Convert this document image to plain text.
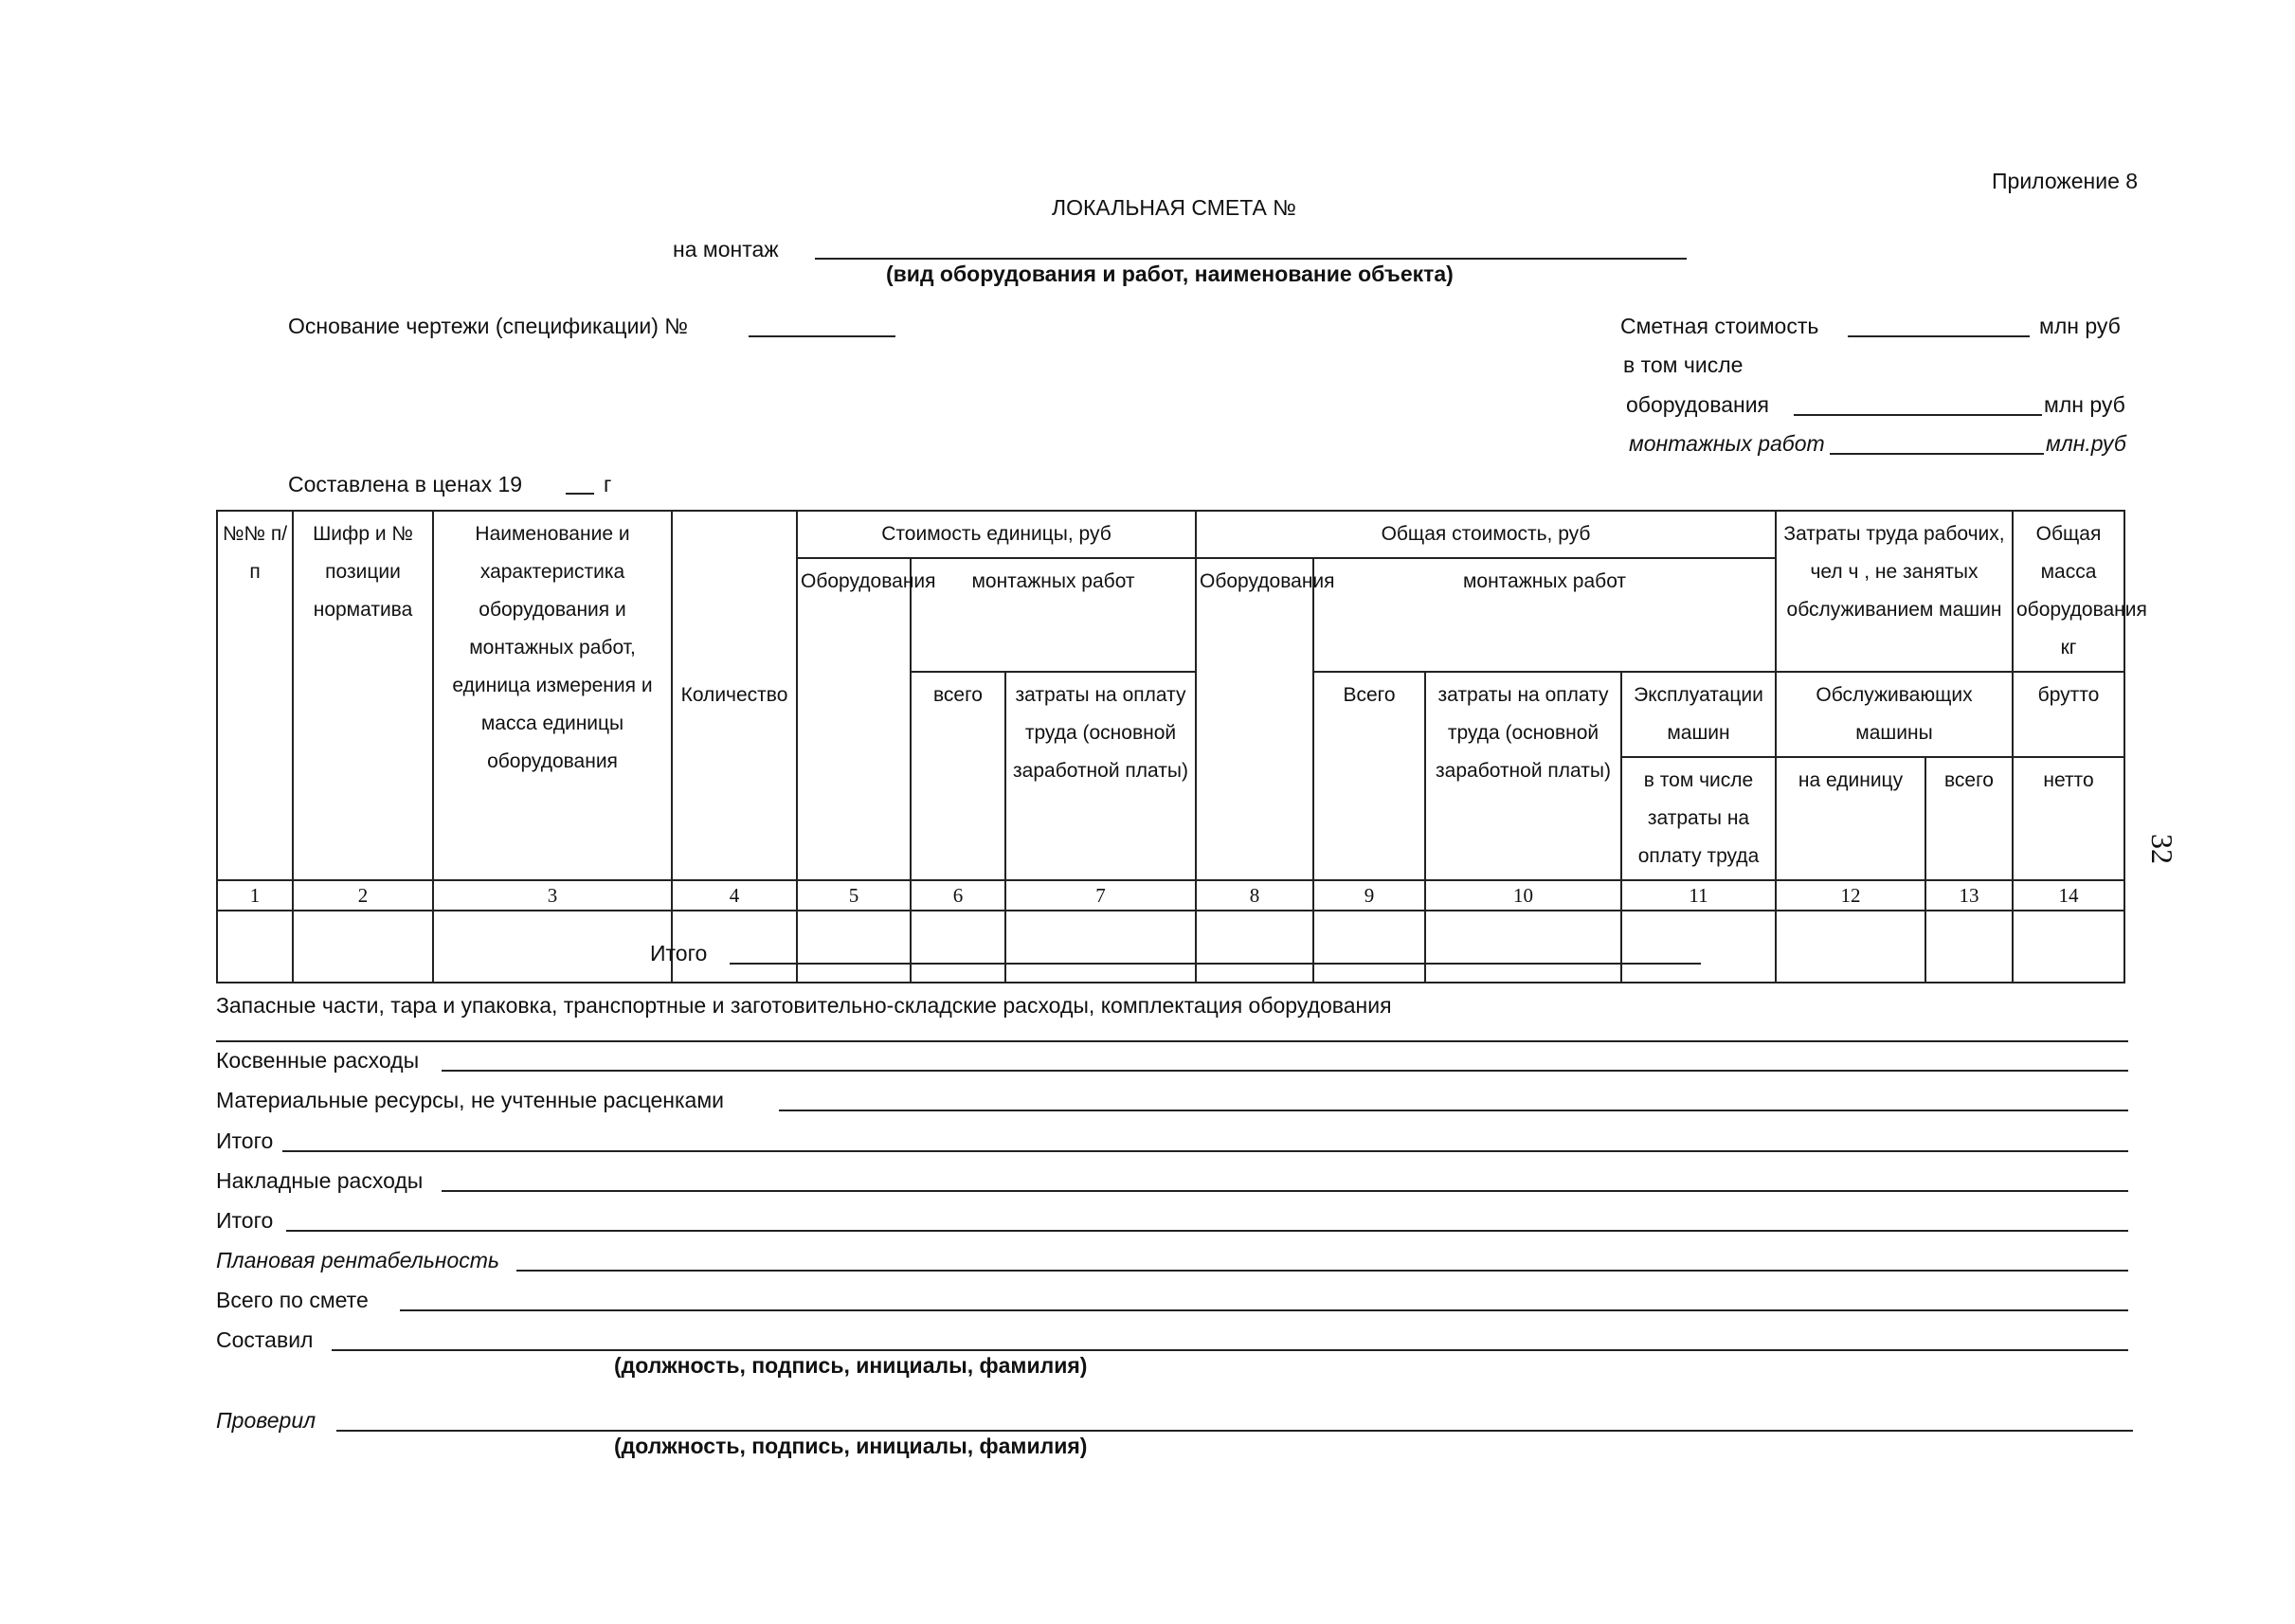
Приложение 8
ЛОКАЛЬНАЯ СМЕТА №
на монтаж
(вид оборудования и работ, наименование объекта)
Основание чертежи (спецификации) №	Сметная стоимость	млн руб
в том числе
оборудования	млн руб
монтажных работ	млн.руб
Составлена в ценах 19	г
№№ п/п	Шифр и № позиции норматива	Наименование и характеристика оборудования и монтажных работ, единица измерения и масса единицы оборудования	Количество	Стоимость единицы, руб			Общая стоимость, руб				Затраты труда рабочих, чел ч , не занятых обслуживанием машин		Общая масса оборудования кг
				Оборудования	монтажных работ		Оборудования	монтажных работ					
					всего	затраты на оплату труда (основной заработной платы)		Всего	затраты на оплату труда (основной заработной платы)	Эксплуатации машин	Обслуживающих машины		брутто
										в том числе затраты на оплату труда	на единицу	всего	нетто

1	2	3	4	5	6	7	8	9	10	11	12	13	14

Итого
Запасные части, тара и упаковка, транспортные и заготовительно-складские расходы, комплектация оборудования
Косвенные расходы
Материальные ресурсы, не учтенные расценками
Итого
Накладные расходы
Итого
Плановая рентабельность
Всего по смете
Составил
(должность, подпись, инициалы, фамилия)
Проверил
(должность, подпись, инициалы, фамилия)
32
